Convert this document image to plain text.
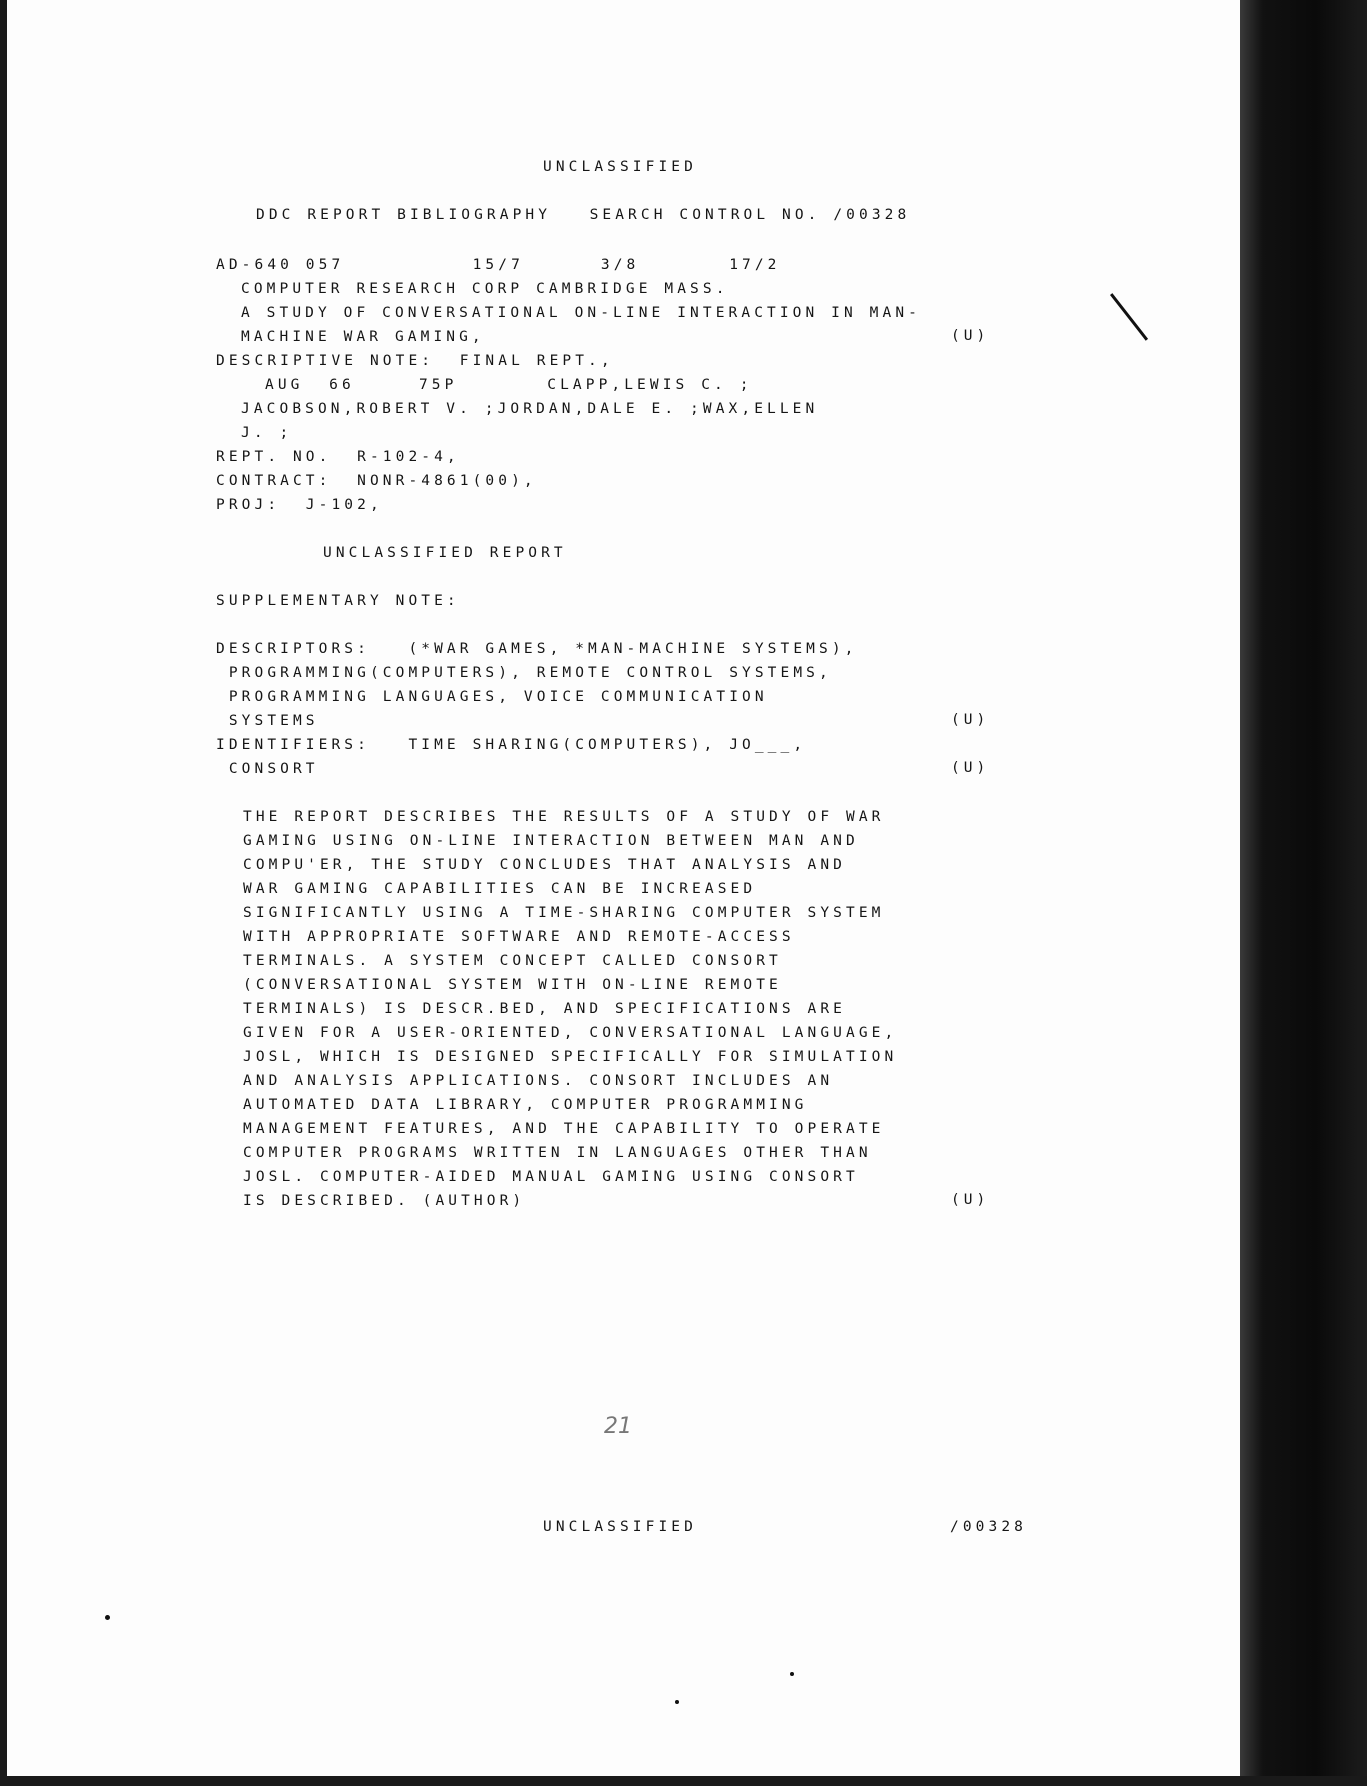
UNCLASSIFIED
DDC REPORT BIBLIOGRAPHY   SEARCH CONTROL NO. /00328
AD-640 057          15/7      3/8       17/2
COMPUTER RESEARCH CORP CAMBRIDGE MASS.
A STUDY OF CONVERSATIONAL ON-LINE INTERACTION IN MAN-
MACHINE WAR GAMING,	(U)
DESCRIPTIVE NOTE:  FINAL REPT.,
AUG  66     75P       CLAPP,LEWIS C. ;
JACOBSON,ROBERT V. ;JORDAN,DALE E. ;WAX,ELLEN
J. ;
REPT. NO.  R-102-4,
CONTRACT:  NONR-4861(00),
PROJ:  J-102,
UNCLASSIFIED REPORT
SUPPLEMENTARY NOTE:
DESCRIPTORS:   (*WAR GAMES, *MAN-MACHINE SYSTEMS),
PROGRAMMING(COMPUTERS), REMOTE CONTROL SYSTEMS,
PROGRAMMING LANGUAGES, VOICE COMMUNICATION
SYSTEMS	(U)
IDENTIFIERS:   TIME SHARING(COMPUTERS), JO___,
CONSORT	(U)
THE REPORT DESCRIBES THE RESULTS OF A STUDY OF WAR
GAMING USING ON-LINE INTERACTION BETWEEN MAN AND
COMPU'ER, THE STUDY CONCLUDES THAT ANALYSIS AND
WAR GAMING CAPABILITIES CAN BE INCREASED
SIGNIFICANTLY USING A TIME-SHARING COMPUTER SYSTEM
WITH APPROPRIATE SOFTWARE AND REMOTE-ACCESS
TERMINALS. A SYSTEM CONCEPT CALLED CONSORT
(CONVERSATIONAL SYSTEM WITH ON-LINE REMOTE
TERMINALS) IS DESCR.BED, AND SPECIFICATIONS ARE
GIVEN FOR A USER-ORIENTED, CONVERSATIONAL LANGUAGE,
JOSL, WHICH IS DESIGNED SPECIFICALLY FOR SIMULATION
AND ANALYSIS APPLICATIONS. CONSORT INCLUDES AN
AUTOMATED DATA LIBRARY, COMPUTER PROGRAMMING
MANAGEMENT FEATURES, AND THE CAPABILITY TO OPERATE
COMPUTER PROGRAMS WRITTEN IN LANGUAGES OTHER THAN
JOSL. COMPUTER-AIDED MANUAL GAMING USING CONSORT
IS DESCRIBED. (AUTHOR)	(U)
21
UNCLASSIFIED	/00328
